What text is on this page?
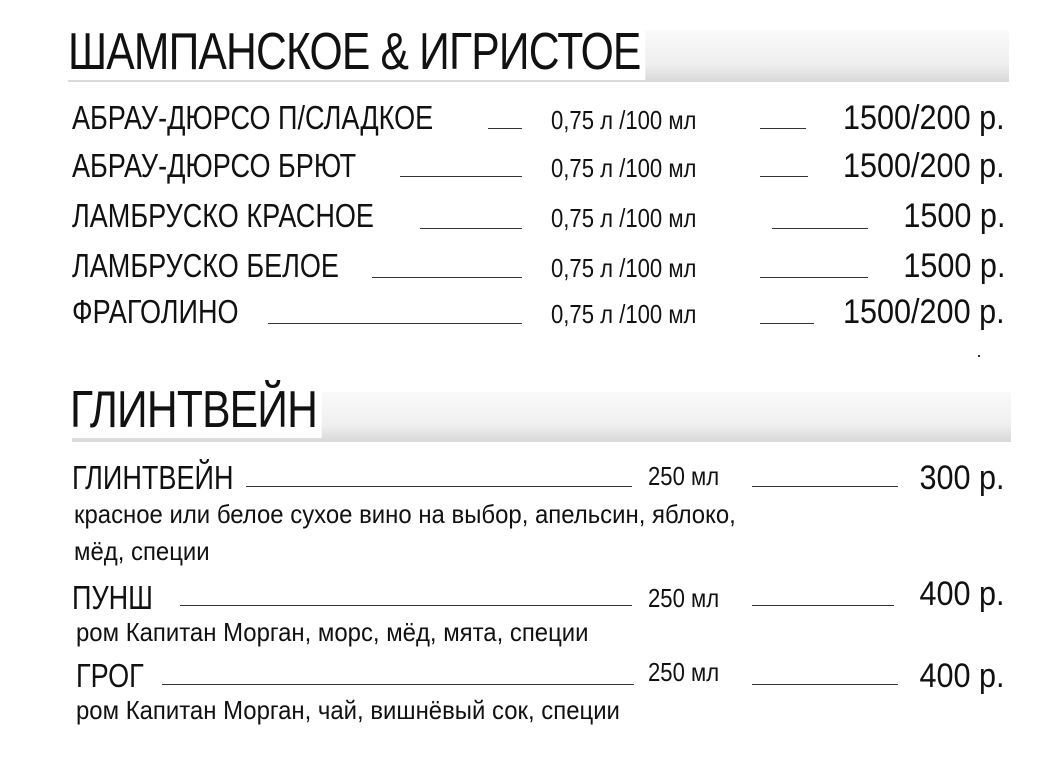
ШАМПАНСКОЕ & ИГРИСТОЕ
АБРАУ-ДЮРСО П/СЛАДКОЕ	0,75 л /100 мл	1500/200 р.
АБРАУ-ДЮРСО БРЮТ	0,75 л /100 мл	1500/200 р.
ЛАМБРУСКО КРАСНОЕ	0,75 л /100 мл	1500 р.
ЛАМБРУСКО БЕЛОЕ	0,75 л /100 мл	1500 р.
ФРАГОЛИНО	0,75 л /100 мл	1500/200 р.
ГЛИНТВЕЙН
ГЛИНТВЕЙН	250 мл	300 р.
красное или белое сухое вино на выбор, апельсин, яблоко,
мёд, специи
ПУНШ	250 мл	400 р.
ром Капитан Морган, морс, мёд, мята, специи
ГРОГ	250 мл	400 р.
ром Капитан Морган, чай, вишнёвый сок, специи
